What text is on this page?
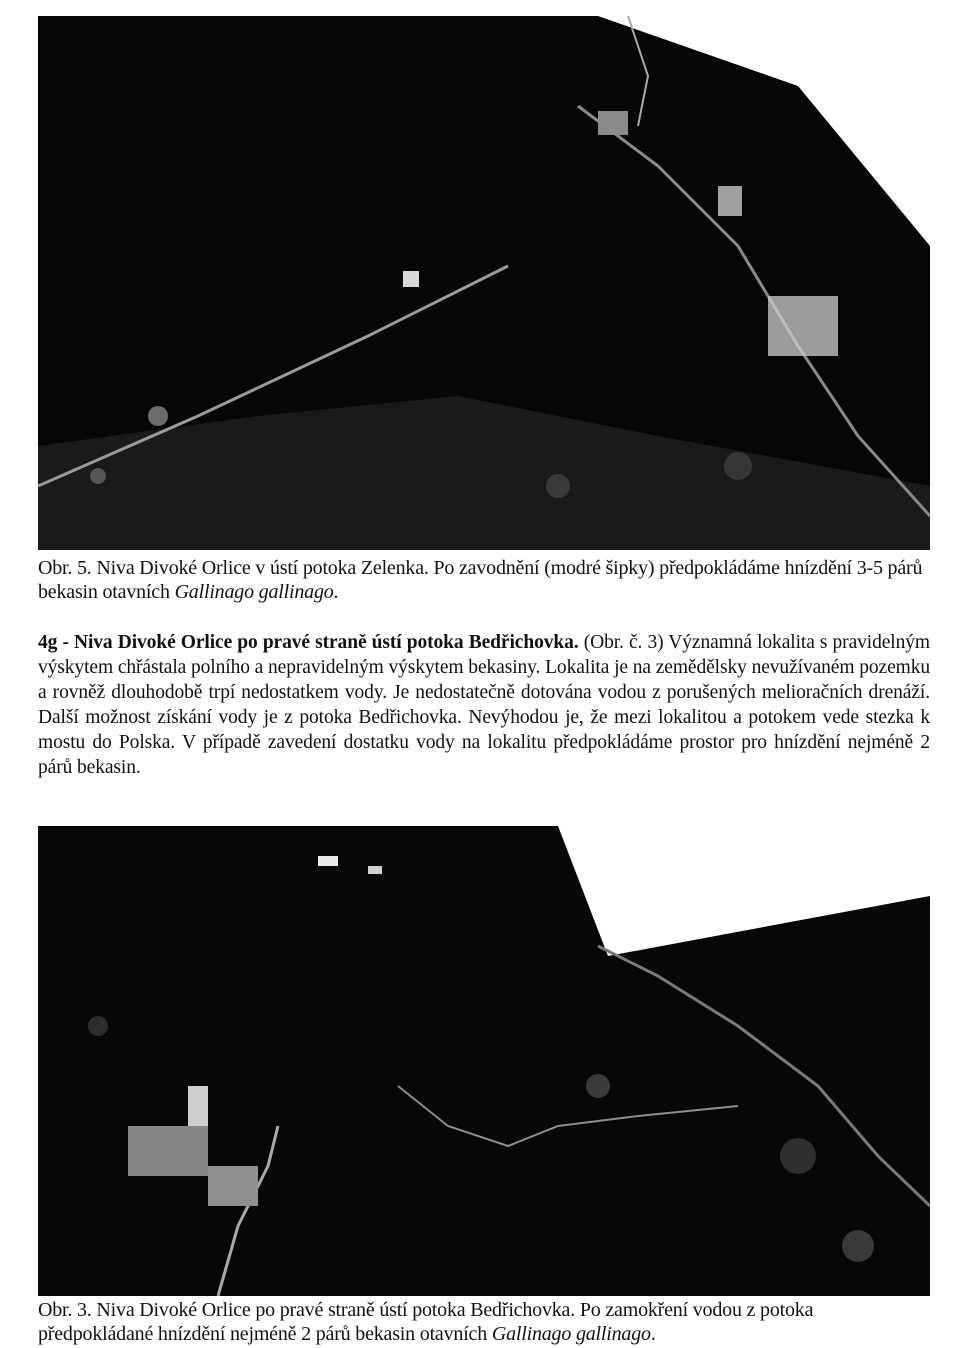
Obr. 5. Niva Divoké Orlice v ústí potoka Zelenka. Po zavodnění (modré šipky) předpokládáme hnízdění 3-5 párů bekasin otavních Gallinago gallinago.
4g - Niva Divoké Orlice po pravé straně ústí potoka Bedřichovka. (Obr. č. 3) Významná lokalita s pravidelným výskytem chřástala polního a nepravidelným výskytem bekasiny. Lokalita je na zemědělsky nevužívaném pozemku a rovněž dlouhodobě trpí nedostatkem vody. Je nedostatečně dotována vodou z porušených melioračních drenáží. Další možnost získání vody je z potoka Bedřichovka. Nevýhodou je, že mezi lokalitou a potokem vede stezka k mostu do Polska. V případě zavedení dostatku vody na lokalitu předpokládáme prostor pro hnízdění nejméně 2 párů bekasin.
Obr. 3. Niva Divoké Orlice po pravé straně ústí potoka Bedřichovka. Po zamokření vodou z potoka předpokládané hnízdění nejméně 2 párů bekasin otavních Gallinago gallinago.
